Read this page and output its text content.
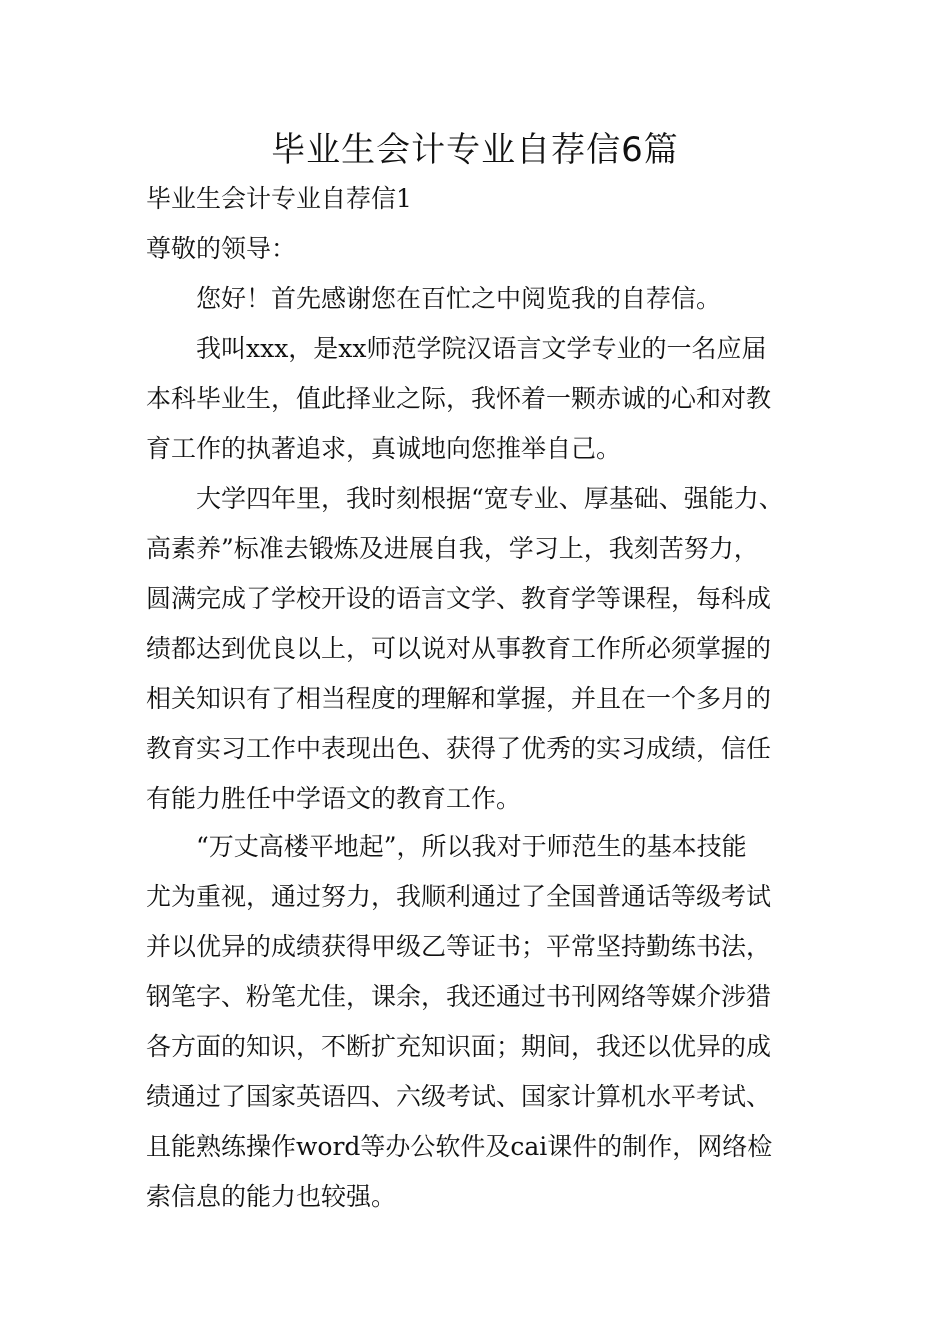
毕业生会计专业自荐信6篇

毕业生会计专业自荐信1

尊敬的领导：

您好！首先感谢您在百忙之中阅览我的自荐信。

我叫xxx，是xx师范学院汉语言文学专业的一名应届

本科毕业生，值此择业之际，我怀着一颗赤诚的心和对教

育工作的执著追求，真诚地向您推举自己。

大学四年里，我时刻根据“宽专业、厚基础、强能力、

高素养”标准去锻炼及进展自我，学习上，我刻苦努力，

圆满完成了学校开设的语言文学、教育学等课程，每科成

绩都达到优良以上，可以说对从事教育工作所必须掌握的

相关知识有了相当程度的理解和掌握，并且在一个多月的

教育实习工作中表现出色、获得了优秀的实习成绩，信任

有能力胜任中学语文的教育工作。

“万丈高楼平地起”，所以我对于师范生的基本技能

尤为重视，通过努力，我顺利通过了全国普通话等级考试

并以优异的成绩获得甲级乙等证书；平常坚持勤练书法，

钢笔字、粉笔尤佳，课余，我还通过书刊网络等媒介涉猎

各方面的知识，不断扩充知识面；期间，我还以优异的成

绩通过了国家英语四、六级考试、国家计算机水平考试、

且能熟练操作word等办公软件及cai课件的制作，网络检

索信息的能力也较强。
